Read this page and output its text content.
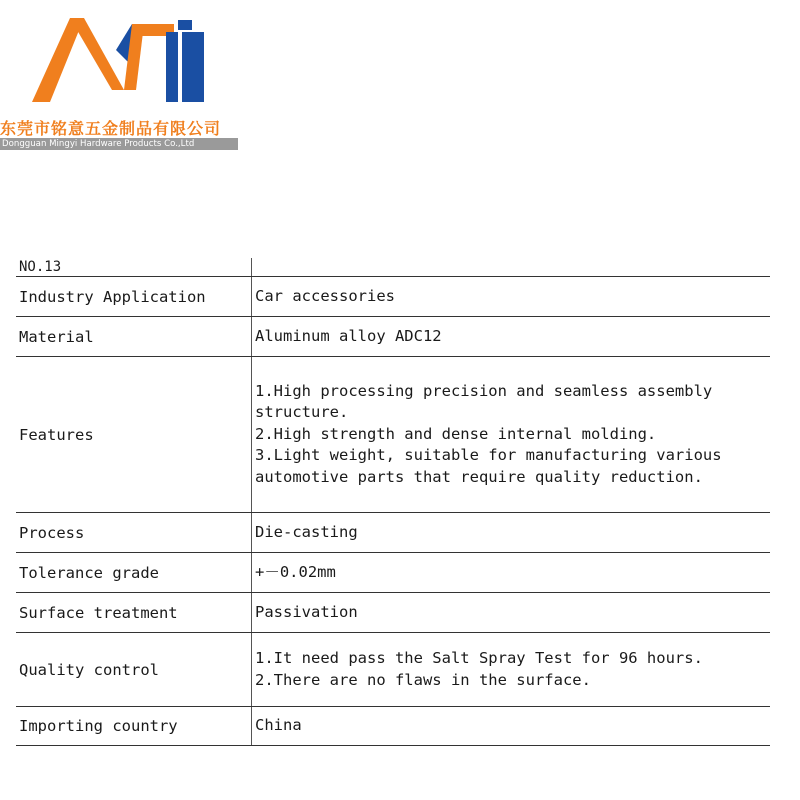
东莞市铭意五金制品有限公司
Dongguan Mingyi Hardware Products Co.,Ltd
NO.13	
Industry Application	Car accessories

Material	Aluminum alloy ADC12

Features	1.High processing precision and seamless assembly
structure.
2.High strength and dense internal molding.
3.Light weight, suitable for manufacturing various
automotive parts that require quality reduction.

Process	Die-casting

Tolerance grade	+－0.02mm

Surface treatment	Passivation

Quality control	1.It need pass the Salt Spray Test for 96 hours.
2.There are no flaws in the surface.

Importing country	China
